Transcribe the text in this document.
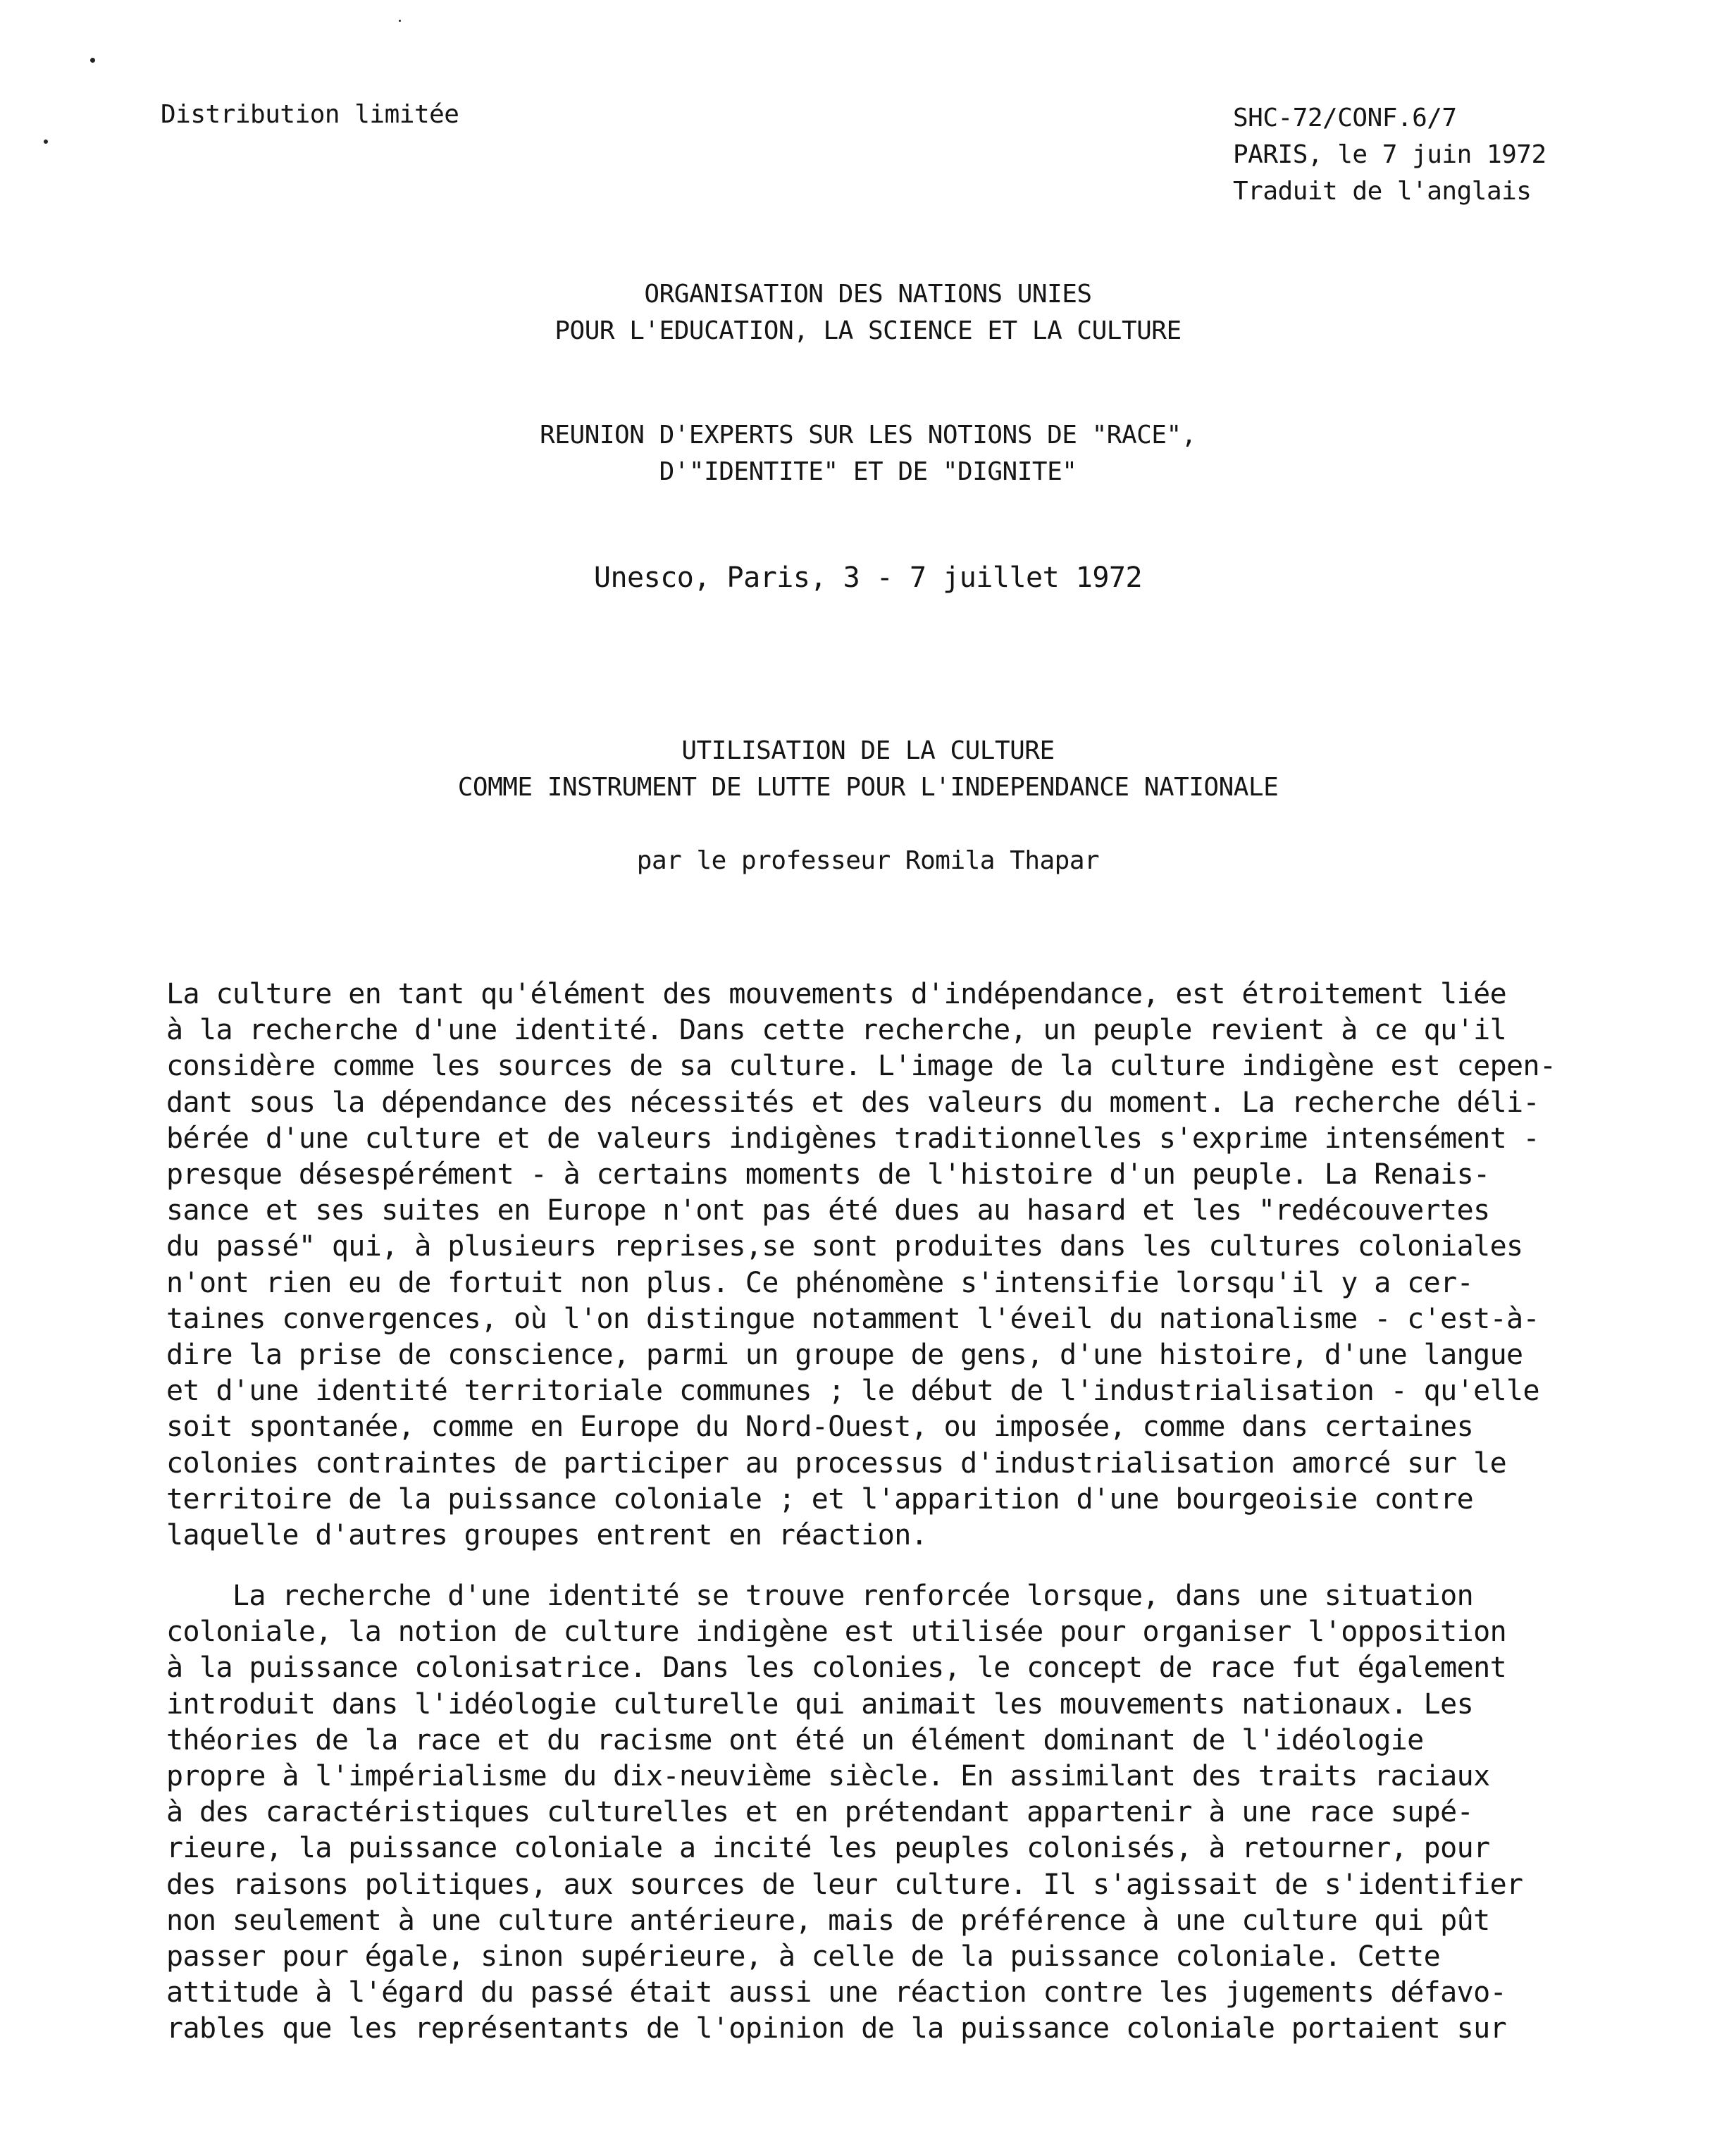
Distribution limitée	SHC-72/CONF.6/7
PARIS, le 7 juin 1972
Traduit de l'anglais
ORGANISATION DES NATIONS UNIES
POUR L'EDUCATION, LA SCIENCE ET LA CULTURE
REUNION D'EXPERTS SUR LES NOTIONS DE "RACE",
D'"IDENTITE" ET DE "DIGNITE"
Unesco, Paris, 3 - 7 juillet 1972
UTILISATION DE LA CULTURE
COMME INSTRUMENT DE LUTTE POUR L'INDEPENDANCE NATIONALE
par le professeur Romila Thapar
La culture en tant qu'élément des mouvements d'indépendance, est étroitement liée
à la recherche d'une identité. Dans cette recherche, un peuple revient à ce qu'il
considère comme les sources de sa culture. L'image de la culture indigène est cepen-
dant sous la dépendance des nécessités et des valeurs du moment. La recherche déli-
bérée d'une culture et de valeurs indigènes traditionnelles s'exprime intensément -
presque désespérément - à certains moments de l'histoire d'un peuple. La Renais-
sance et ses suites en Europe n'ont pas été dues au hasard et les "redécouvertes
du passé" qui, à plusieurs reprises,se sont produites dans les cultures coloniales
n'ont rien eu de fortuit non plus. Ce phénomène s'intensifie lorsqu'il y a cer-
taines convergences, où l'on distingue notamment l'éveil du nationalisme - c'est-à-
dire la prise de conscience, parmi un groupe de gens, d'une histoire, d'une langue
et d'une identité territoriale communes ; le début de l'industrialisation - qu'elle
soit spontanée, comme en Europe du Nord-Ouest, ou imposée, comme dans certaines
colonies contraintes de participer au processus d'industrialisation amorcé sur le
territoire de la puissance coloniale ; et l'apparition d'une bourgeoisie contre
laquelle d'autres groupes entrent en réaction.
La recherche d'une identité se trouve renforcée lorsque, dans une situation
coloniale, la notion de culture indigène est utilisée pour organiser l'opposition
à la puissance colonisatrice. Dans les colonies, le concept de race fut également
introduit dans l'idéologie culturelle qui animait les mouvements nationaux. Les
théories de la race et du racisme ont été un élément dominant de l'idéologie
propre à l'impérialisme du dix-neuvième siècle. En assimilant des traits raciaux
à des caractéristiques culturelles et en prétendant appartenir à une race supé-
rieure, la puissance coloniale a incité les peuples colonisés, à retourner, pour
des raisons politiques, aux sources de leur culture. Il s'agissait de s'identifier
non seulement à une culture antérieure, mais de préférence à une culture qui pût
passer pour égale, sinon supérieure, à celle de la puissance coloniale. Cette
attitude à l'égard du passé était aussi une réaction contre les jugements défavo-
rables que les représentants de l'opinion de la puissance coloniale portaient sur
